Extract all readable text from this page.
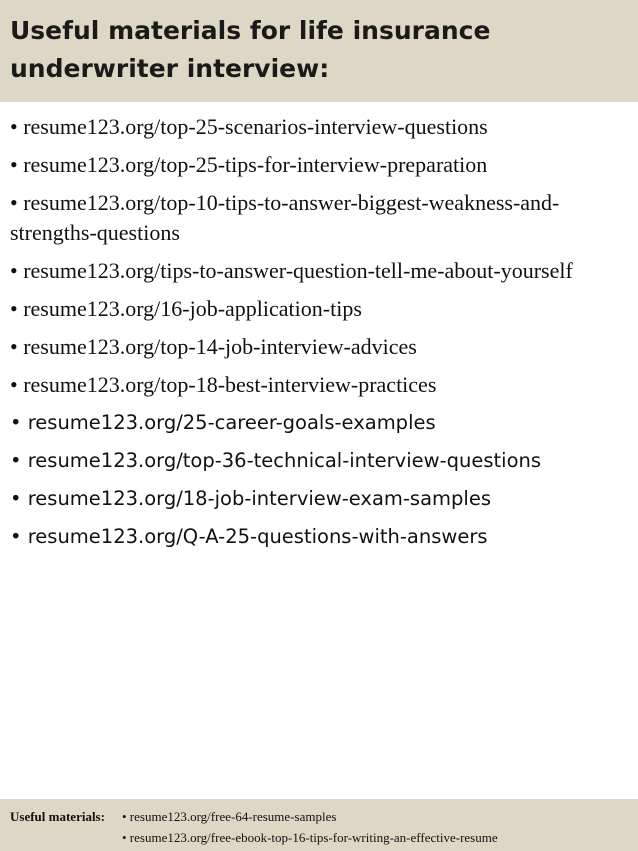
Useful materials for life insurance underwriter interview:
• resume123.org/top-25-scenarios-interview-questions
• resume123.org/top-25-tips-for-interview-preparation
• resume123.org/top-10-tips-to-answer-biggest-weakness-and-strengths-questions
• resume123.org/tips-to-answer-question-tell-me-about-yourself
• resume123.org/16-job-application-tips
• resume123.org/top-14-job-interview-advices
• resume123.org/top-18-best-interview-practices
• resume123.org/25-career-goals-examples
• resume123.org/top-36-technical-interview-questions
• resume123.org/18-job-interview-exam-samples
• resume123.org/Q-A-25-questions-with-answers
Useful materials:	• resume123.org/free-64-resume-samples
• resume123.org/free-ebook-top-16-tips-for-writing-an-effective-resume
